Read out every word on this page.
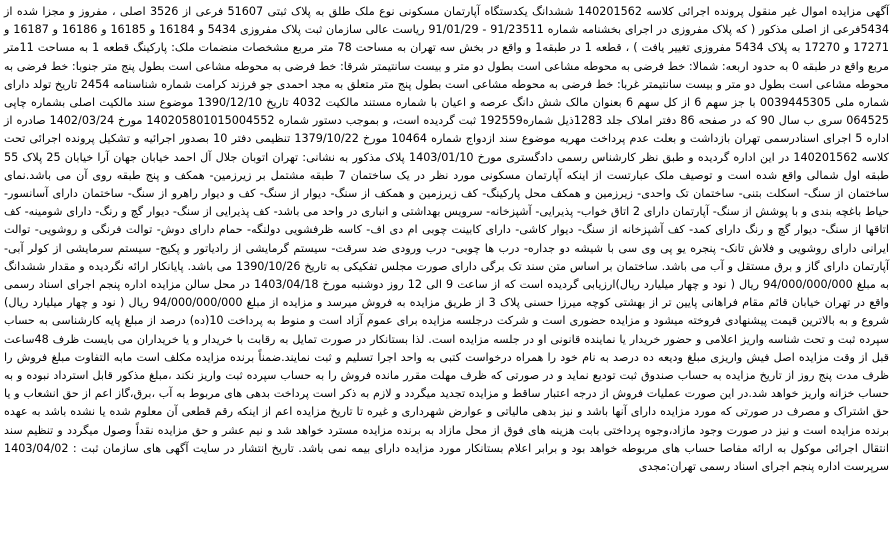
آگهی مزایده اموال غیر منقول پرونده اجرائی کلاسه 140201562 ششدانگ یکدستگاه آپارتمان مسکونی نوع ملک طلق به پلاک ثبتی 51607 فرعی از 3526 اصلی ، مفروز و مجزا شده از 5434فرعی از اصلی مذکور ( که پلاک مفروزی در اجرای بخشنامه شماره 91/23511 - 91/01/29 ریاست عالی سازمان ثبت پلاک مفروزی 5434 و 16184 و 16185 و 16186 و 16187 و 17271 و 17270 به پلاک 5434 مفروزی تغییر یافت ) ، قطعه 1 در طبقه1 و واقع در بخش سه تهران به مساحت 78 متر مربع مشخصات منضمات ملک: پارکینگ قطعه 1 به مساحت 11متر مربع واقع در طبقه 0 به حدود اربعه: شمالا: خط فرضی به محوطه مشاعی است بطول دو متر و بیست سانتیمتر شرقا: خط فرضی به محوطه مشاعی است بطول پنج متر جنوبا: خط فرضی به محوطه مشاعی است بطول دو متر و بیست سانتیمتر غربا: خط فرضی به محوطه مشاعی است بطول پنج متر متعلق به مجد احمدی جو فرزند کرامت شماره شناسنامه 2454 تاریخ تولد دارای شماره ملی 0039445305 با جز سهم 6 از کل سهم 6 بعنوان مالک شش دانگ عرصه و اعیان با شماره مستند مالکیت 4032 تاریخ 1390/12/10 موضوع سند مالکیت اصلی بشماره چاپی 064525 سری ب سال 90 که در صفحه 86 دفتر املاک جلد 1283ذیل شماره192559 ثبت گردیده است، و بموجب دستور شماره 140205801015004552 مورخ 1402/03/24 صادره از اداره 5 اجرای اسنادرسمی تهران بازداشت و بعلت عدم پرداخت مهریه موضوع سند ازدواج شماره 10464 مورخ 1379/10/22 تنظیمی دفتر 10 بصدور اجرائیه و تشکیل پرونده اجرائی تحت کلاسه 140201562 در این اداره گردیده و طبق نظر کارشناس رسمی دادگستری مورخ 1403/01/10 پلاک مذکور به نشانی: تهران اتوبان جلال آل احمد خیابان جهان آرا خیابان 25 پلاک 55 طبقه اول شمالی واقع شده است و توصیف ملک عبارتست از اینکه آپارتمان مسکونی مورد نظر در یک ساختمان 7 طبقه مشتمل بر زیرزمین- همکف و پنج طبقه روی آن می باشد.نمای ساختمان از سنگ- اسکلت بتنی- ساختمان تک واحدی- زیرزمین و همکف محل پارکینگ- کف زیرزمین و همکف از سنگ- دیوار از سنگ- کف و دیوار راهرو از سنگ- ساختمان دارای آسانسور- حیاط باغچه بندی و با پوشش از سنگ- آپارتمان دارای 2 اتاق خواب- پذیرایی- آشپزخانه- سرویس بهداشتی و انباری در واحد می باشد- کف پذیرایی از سنگ- دیوار گچ و رنگ- دارای شومینه- کف اتاقها از سنگ- دیوار گچ و رنگ دارای کمد- کف آشپزخانه از سنگ- دیوار کاشی- دارای کابینت چوبی ام دی اف- کاسه ظرفشویی دولنگه- حمام دارای دوش- توالت فرنگی و روشویی- توالت ایرانی دارای روشویی و فلاش تانک- پنجره یو پی وی سی با شیشه دو جداره- درب ها چوبی- درب ورودی ضد سرقت- سیستم گرمایشی از رادیاتور و پکیج- سیستم سرمایشی از کولر آبی- آپارتمان دارای گاز و برق مستقل و آب می باشد. ساختمان بر اساس متن سند تک برگی دارای صورت مجلس تفکیکی به تاریخ 1390/10/26 می باشد. پایانکار ارائه نگردیده و مقدار ششدانگ به مبلغ 94/000/000/000 ریال ( نود و چهار میلیارد ریال)ارزیابی گردیده است که از ساعت 9 الی 12 روز دوشنبه مورخ 1403/04/18 در محل سالن مزایده اداره پنجم اجرای اسناد رسمی واقع در تهران خیابان قائم مقام فراهانی پایین تر از بهشتی کوچه میرزا حسنی پلاک 3 از طریق مزایده به فروش میرسد و مزایده از مبلغ 94/000/000/000 ریال ( نود و چهار میلیارد ریال) شروع و به بالاترین قیمت پیشنهادی فروخته میشود و مزایده حضوری است و شرکت درجلسه مزایده برای عموم آزاد است و منوط به پرداخت 10(ده) درصد از مبلغ پایه کارشناسی به حساب سپرده ثبت و تحت شناسه واریز اعلامی و حضور خریدار یا نماینده قانونی او در جلسه مزایده است. لذا بستانکار در صورت تمایل به رقابت با خریدار و یا خریداران می بایست ظرف 48ساعت قبل از وقت مزایده اصل فیش واریزی مبلغ ودیعه ده درصد به نام خود را همراه درخواست کتبی به واحد اجرا تسلیم و ثبت نمایند.ضمناً برنده مزایده مکلف است مابه التفاوت مبلغ فروش را ظرف مدت پنج روز از تاریخ مزایده به حساب صندوق ثبت تودیع نماید و در صورتی که ظرف مهلت مقرر مانده فروش را به حساب سپرده ثبت واریز نکند ،مبلغ مذکور قابل استرداد نبوده و به حساب خزانه واریز خواهد شد.در این صورت عملیات فروش از درجه اعتبار ساقط و مزایده تجدید میگردد و لازم به ذکر است پرداخت بدهی های مربوط به آب ،برق،گاز اعم از حق انشعاب و یا حق اشتراک و مصرف در صورتی که مورد مزایده دارای آنها باشد و نیز بدهی مالیاتی و عوارض شهرداری و غیره تا تاریخ مزایده اعم از اینکه رقم قطعی آن معلوم شده یا نشده باشد به عهده برنده مزایده است و نیز در صورت وجود مازاد،وجوه پرداختی بابت هزینه های فوق از محل مازاد به برنده مزایده مسترد خواهد شد و نیم عشر و حق مزایده نقداً وصول میگردد و تنظیم سند انتقال اجرائی موکول به ارائه مفاصا حساب های مربوطه خواهد بود و برابر اعلام بستانکار مورد مزایده دارای بیمه نمی باشد. تاریخ انتشار در سایت آگهی های سازمان ثبت : 1403/04/02 سرپرست اداره پنجم اجرای اسناد رسمی تهران:مجدی
